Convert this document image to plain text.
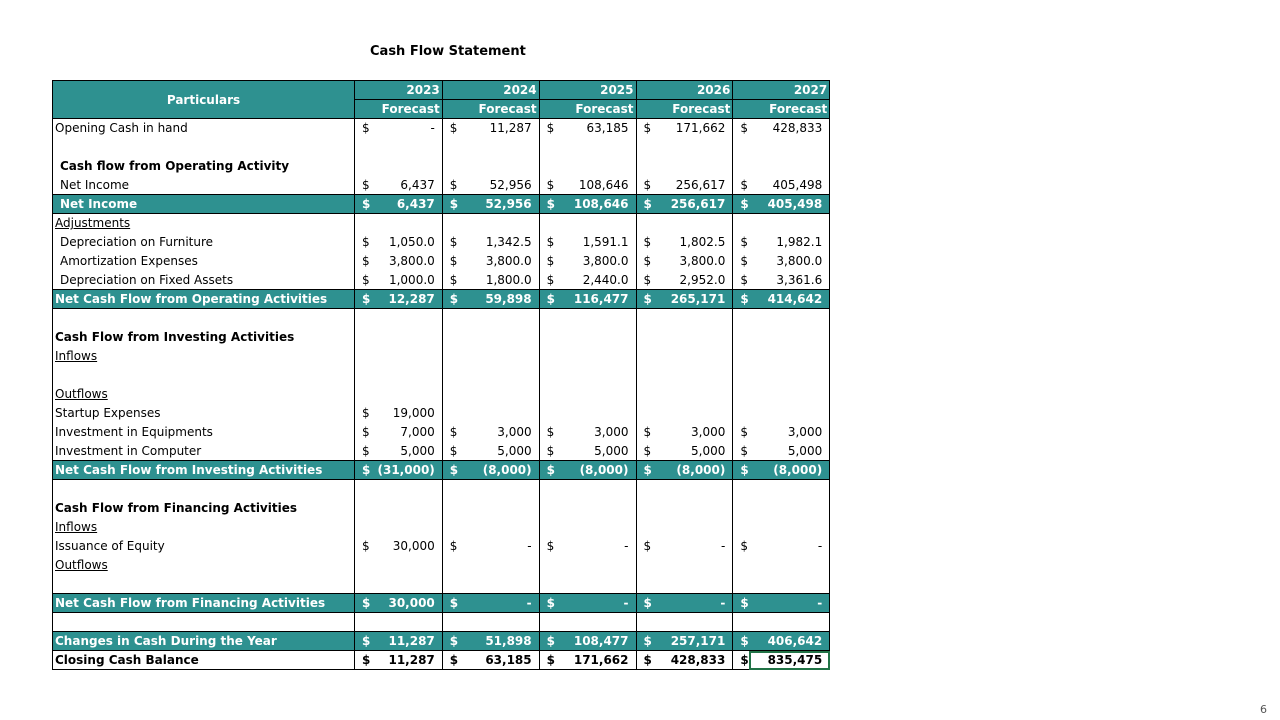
Cash Flow Statement
Particulars	2023		2024		2025		2026		2027	
	Forecast		Forecast		Forecast		Forecast		Forecast	
Opening Cash in hand	$	-	$	11,287	$	63,185	$	171,662	$	428,833

Cash flow from Operating Activity										
Net Income	$	6,437	$	52,956	$	108,646	$	256,617	$	405,498
Net Income	$	6,437	$	52,956	$	108,646	$	256,617	$	405,498
Adjustments										
Depreciation on Furniture	$	1,050.0	$	1,342.5	$	1,591.1	$	1,802.5	$	1,982.1
Amortization Expenses	$	3,800.0	$	3,800.0	$	3,800.0	$	3,800.0	$	3,800.0
Depreciation on Fixed Assets	$	1,000.0	$	1,800.0	$	2,440.0	$	2,952.0	$	3,361.6
Net Cash Flow from Operating Activities	$	12,287	$	59,898	$	116,477	$	265,171	$	414,642

Cash Flow from Investing Activities										
Inflows										

Outflows										
Startup Expenses	$	19,000								
Investment in Equipments	$	7,000	$	3,000	$	3,000	$	3,000	$	3,000
Investment in Computer	$	5,000	$	5,000	$	5,000	$	5,000	$	5,000
Net Cash Flow from Investing Activities	$	(31,000)	$	(8,000)	$	(8,000)	$	(8,000)	$	(8,000)

Cash Flow from Financing Activities										
Inflows										
Issuance of Equity	$	30,000	$	-	$	-	$	-	$	-
Outflows										

Net Cash Flow from Financing Activities	$	30,000	$	-	$	-	$	-	$	-

Changes in Cash During the Year	$	11,287	$	51,898	$	108,477	$	257,171	$	406,642
Closing Cash Balance	$	11,287	$	63,185	$	171,662	$	428,833	$	835,475
6
